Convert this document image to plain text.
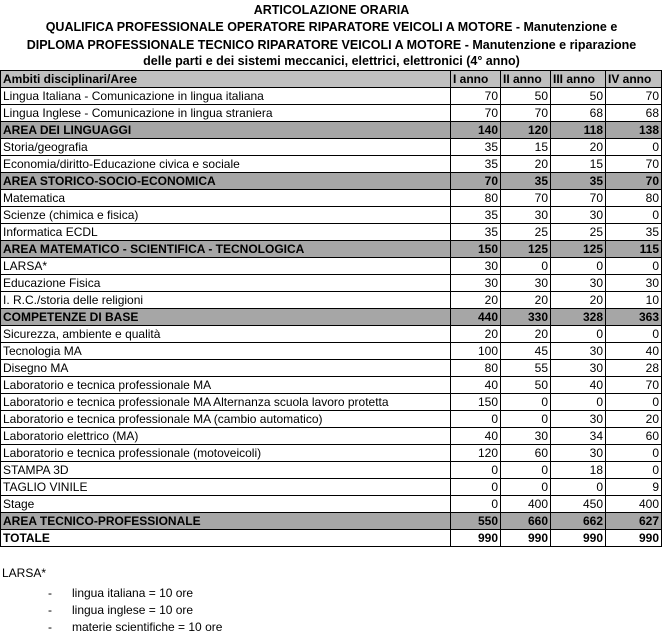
ARTICOLAZIONE ORARIA
QUALIFICA PROFESSIONALE OPERATORE RIPARATORE VEICOLI A MOTORE - Manutenzione e
DIPLOMA PROFESSIONALE TECNICO RIPARATORE VEICOLI A MOTORE - Manutenzione e riparazione
delle parti e dei sistemi meccanici, elettrici, elettronici (4° anno)
Ambiti disciplinari/Aree	I anno	II anno	III anno	IV anno
Lingua Italiana - Comunicazione in lingua italiana	70	50	50	70
Lingua Inglese - Comunicazione in lingua straniera	70	70	68	68
AREA DEI LINGUAGGI	140	120	118	138
Storia/geografia	35	15	20	0
Economia/diritto-Educazione civica e sociale	35	20	15	70
AREA STORICO-SOCIO-ECONOMICA	70	35	35	70
Matematica	80	70	70	80
Scienze (chimica e fisica)	35	30	30	0
Informatica ECDL	35	25	25	35
AREA MATEMATICO - SCIENTIFICA - TECNOLOGICA	150	125	125	115
LARSA*	30	0	0	0
Educazione Fisica	30	30	30	30
I. R.C./storia delle religioni	20	20	20	10
COMPETENZE DI BASE	440	330	328	363
Sicurezza, ambiente e qualità	20	20	0	0
Tecnologia MA	100	45	30	40
Disegno MA	80	55	30	28
Laboratorio e tecnica professionale MA	40	50	40	70
Laboratorio e tecnica professionale MA Alternanza scuola lavoro protetta	150	0	0	0
Laboratorio e tecnica professionale MA (cambio automatico)	0	0	30	20
Laboratorio elettrico (MA)	40	30	34	60
Laboratorio e tecnica professionale (motoveicoli)	120	60	30	0
STAMPA 3D	0	0	18	0
TAGLIO VINILE	0	0	0	9
Stage	0	400	450	400
AREA TECNICO-PROFESSIONALE	550	660	662	627
TOTALE	990	990	990	990
LARSA*
- lingua italiana = 10 ore
- lingua inglese = 10 ore
- materie scientifiche = 10 ore
